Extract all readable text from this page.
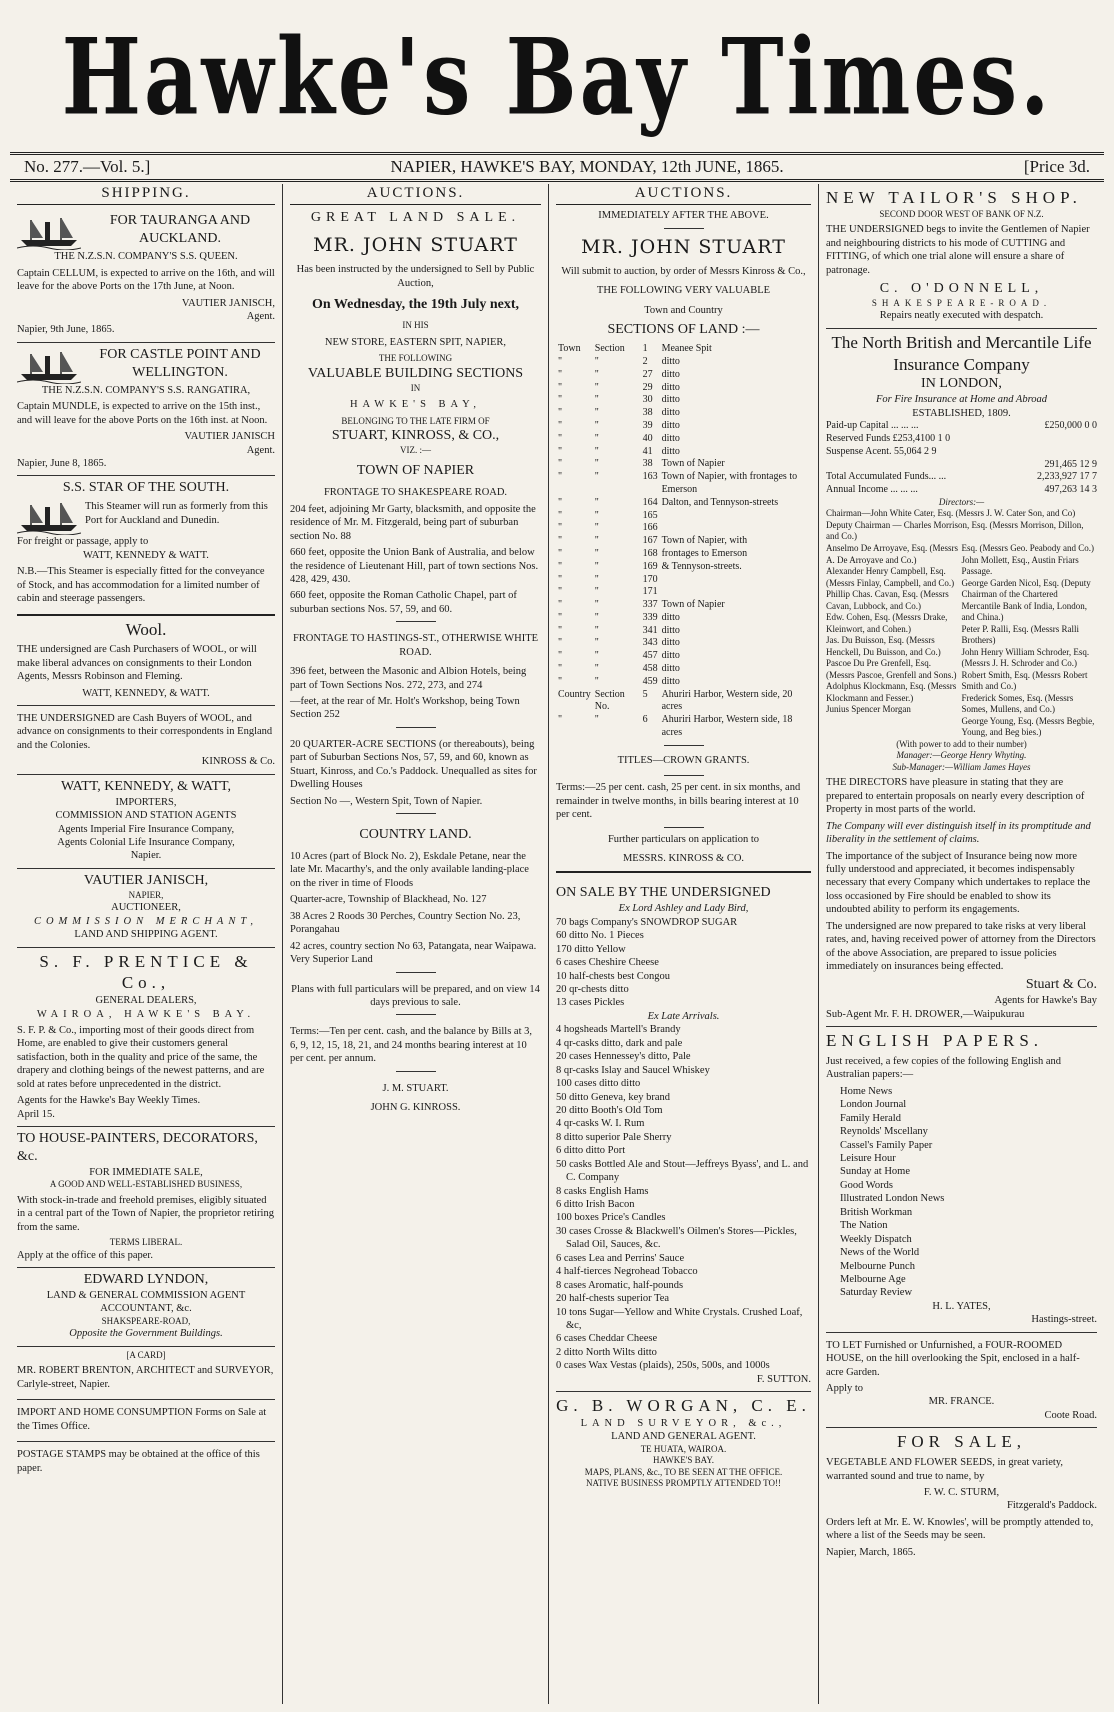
Hawke's Bay Times.
No. 277.—Vol. 5.]	NAPIER, HAWKE'S BAY, MONDAY, 12th JUNE, 1865.	[Price 3d.
SHIPPING.
FOR TAURANGA AND AUCKLAND.
THE N.Z.S.N. COMPANY'S S.S. QUEEN.

Captain CELLUM, is expected to arrive on the 16th, and will leave for the above Ports on the 17th June, at Noon.

VAUTIER JANISCH,
Agent.
Napier, 9th June, 1865.
FOR CASTLE POINT AND WELLINGTON.
THE N.Z.S.N. COMPANY'S S.S. RANGATIRA,

Captain MUNDLE, is expected to arrive on the 15th inst., and will leave for the above Ports on the 16th inst. at Noon.

VAUTIER JANISCH
Agent.
Napier, June 8, 1865.
S.S. STAR OF THE SOUTH.

This Steamer will run as formerly from this Port for Auckland and Dunedin.

For freight or passage, apply to
WATT, KENNEDY & WATT.

N.B.—This Steamer is especially fitted for the conveyance of Stock, and has accommodation for a limited number of cabin and steerage passengers.

Wool.

THE undersigned are Cash Purchasers of WOOL, or will make liberal advances on consignments to their London Agents, Messrs Robinson and Fleming.

WATT, KENNEDY, & WATT.

THE UNDERSIGNED are Cash Buyers of WOOL, and advance on consignments to their correspondents in England and the Colonies.

KINROSS & Co.
WATT, KENNEDY, & WATT,
IMPORTERS,
COMMISSION AND STATION AGENTS
Agents Imperial Fire Insurance Company,
Agents Colonial Life Insurance Company,
Napier.
VAUTIER JANISCH,
NAPIER,
AUCTIONEER,
COMMISSION MERCHANT,
LAND AND SHIPPING AGENT.
S. F. PRENTICE & Co.,
GENERAL DEALERS,
WAIROA, HAWKE'S BAY.

S. F. P. & Co., importing most of their goods direct from Home, are enabled to give their customers general satisfaction, both in the quality and price of the same, the drapery and clothing beings of the newest patterns, and are sold at rates before unprecedented in the district.

Agents for the Hawke's Bay Weekly Times.
April 15.
TO HOUSE-PAINTERS, DECORATORS, &c.
FOR IMMEDIATE SALE,
A GOOD AND WELL-ESTABLISHED BUSINESS,

With stock-in-trade and freehold premises, eligibly situated in a central part of the Town of Napier, the proprietor retiring from the same.

TERMS LIBERAL.
Apply at the office of this paper.
EDWARD LYNDON,
LAND & GENERAL COMMISSION AGENT
ACCOUNTANT, &c.
SHAKSPEARE-ROAD,
Opposite the Government Buildings.
[A CARD]

MR. ROBERT BRENTON, ARCHITECT and SURVEYOR, Carlyle-street, Napier.

IMPORT AND HOME CONSUMPTION Forms on Sale at the Times Office.

POSTAGE STAMPS may be obtained at the office of this paper.

AUCTIONS.
GREAT LAND SALE.
MR. JOHN STUART
Has been instructed by the undersigned to Sell by Public Auction,
On Wednesday, the 19th July next,
IN HIS
NEW STORE, EASTERN SPIT, NAPIER,
THE FOLLOWING
VALUABLE BUILDING SECTIONS
IN
HAWKE'S BAY,
BELONGING TO THE LATE FIRM OF
STUART, KINROSS, & CO.,
VIZ. :—
TOWN OF NAPIER
FRONTAGE TO SHAKESPEARE ROAD.

204 feet, adjoining Mr Garty, blacksmith, and opposite the residence of Mr. M. Fitzgerald, being part of suburban section No. 88

660 feet, opposite the Union Bank of Australia, and below the residence of Lieutenant Hill, part of town sections Nos. 428, 429, 430.

660 feet, opposite the Roman Catholic Chapel, part of suburban sections Nos. 57, 59, and 60.

FRONTAGE TO HASTINGS-ST., OTHERWISE WHITE ROAD.

396 feet, between the Masonic and Albion Hotels, being part of Town Sections Nos. 272, 273, and 274

—feet, at the rear of Mr. Holt's Workshop, being Town Section 252

20 QUARTER-ACRE SECTIONS (or thereabouts), being part of Suburban Sections Nos, 57, 59, and 60, known as Stuart, Kinross, and Co.'s Paddock. Unequalled as sites for Dwelling Houses

Section No —, Western Spit, Town of Napier.

COUNTRY LAND.

10 Acres (part of Block No. 2), Eskdale Petane, near the late Mr. Macarthy's, and the only available landing-place on the river in time of Floods

Quarter-acre, Township of Blackhead, No. 127

38 Acres 2 Roods 30 Perches, Country Section No. 23, Porangahau

42 acres, country section No 63, Patangata, near Waipawa. Very Superior Land

Plans with full particulars will be prepared, and on view 14 days previous to sale.

Terms:—Ten per cent. cash, and the balance by Bills at 3, 6, 9, 12, 15, 18, 21, and 24 months bearing interest at 10 per cent. per annum.

J. M. STUART.
JOHN G. KINROSS.
AUCTIONS.
IMMEDIATELY AFTER THE ABOVE.
MR. JOHN STUART
Will submit to auction, by order of Messrs Kinross & Co.,
THE FOLLOWING VERY VALUABLE
Town and Country
SECTIONS OF LAND :—
Town	Section	1	Meanee Spit
"	"	2	ditto
"	"	27	ditto
"	"	29	ditto
"	"	30	ditto
"	"	38	ditto
"	"	39	ditto
"	"	40	ditto
"	"	41	ditto
"	"	38	Town of Napier
"	"	163	Town of Napier, with frontages to Emerson
"	"	164	Dalton, and Tennyson-streets
"	"	165	
"	"	166	
"	"	167	Town of Napier, with
"	"	168	frontages to Emerson
"	"	169	& Tennyson-streets.
"	"	170	
"	"	171	
"	"	337	Town of Napier
"	"	339	ditto
"	"	341	ditto
"	"	343	ditto
"	"	457	ditto
"	"	458	ditto
"	"	459	ditto
Country	Section No.	5	Ahuriri Harbor, Western side, 20 acres
"	"	6	Ahuriri Harbor, Western side, 18 acres
TITLES—CROWN GRANTS.

Terms:—25 per cent. cash, 25 per cent. in six months, and remainder in twelve months, in bills bearing interest at 10 per cent.

Further particulars on application to
MESSRS. KINROSS & CO.
ON SALE BY THE UNDERSIGNED
Ex Lord Ashley and Lady Bird,
70 bags Company's SNOWDROP SUGAR
60 ditto No. 1 Pieces
170 ditto Yellow
6 cases Cheshire Cheese
10 half-chests best Congou
20 qr-chests ditto
13 cases Pickles
Ex Late Arrivals.
4 hogsheads Martell's Brandy
4 qr-casks ditto, dark and pale
20 cases Hennessey's ditto, Pale
8 qr-casks Islay and Saucel Whiskey
100 cases ditto ditto
50 ditto Geneva, key brand
20 ditto Booth's Old Tom
4 qr-casks W. I. Rum
8 ditto superior Pale Sherry
6 ditto ditto Port
50 casks Bottled Ale and Stout—Jeffreys Byass', and L. and C. Company
8 casks English Hams
6 ditto Irish Bacon
100 boxes Price's Candles
30 cases Crosse & Blackwell's Oilmen's Stores—Pickles, Salad Oil, Sauces, &c.
6 cases Lea and Perrins' Sauce
4 half-tierces Negrohead Tobacco
8 cases Aromatic, half-pounds
20 half-chests superior Tea
10 tons Sugar—Yellow and White Crystals. Crushed Loaf, &c,
6 cases Cheddar Cheese
2 ditto North Wilts ditto
0 cases Wax Vestas (plaids), 250s, 500s, and 1000s
F. SUTTON.
G. B. WORGAN, C. E.
LAND SURVEYOR, &c.,
LAND AND GENERAL AGENT.
TE HUATA, WAIROA.
HAWKE'S BAY.
MAPS, PLANS, &c., TO BE SEEN AT THE OFFICE.
NATIVE BUSINESS PROMPTLY ATTENDED TO!!
NEW TAILOR'S SHOP.
SECOND DOOR WEST OF BANK OF N.Z.

THE UNDERSIGNED begs to invite the Gentlemen of Napier and neighbouring districts to his mode of CUTTING and FITTING, of which one trial alone will ensure a share of patronage.

C. O'DONNELL,
SHAKESPEARE-ROAD.
Repairs neatly executed with despatch.
The North British and Mercantile Life Insurance Company
IN LONDON,
For Fire Insurance at Home and Abroad
ESTABLISHED, 1809.
Paid-up Capital ... ... ...	£250,000 0 0
Reserved Funds £253,4100 1 0	
Suspense Acent. 55,064 2 9	
	291,465 12 9
Total Accumulated Funds... ...	2,233,927 17 7
Annual Income ... ... ...	497,263 14 3
Directors:—
Chairman—John White Cater, Esq. (Messrs J. W. Cater Son, and Co)
Deputy Chairman — Charles Morrison, Esq. (Messrs Morrison, Dillon, and Co.)
Anselmo De Arroyave, Esq. (Messrs A. De Arroyave and Co.)
Alexander Henry Campbell, Esq. (Messrs Finlay, Campbell, and Co.)
Phillip Chas. Cavan, Esq. (Messrs Cavan, Lubbock, and Co.)
Edw. Cohen, Esq. (Messrs Drake, Kleinwort, and Cohen.)
Jas. Du Buisson, Esq. (Messrs Henckell, Du Buisson, and Co.)
Pascoe Du Pre Grenfell, Esq. (Messrs Pascoe, Grenfell and Sons.)
Adolphus Klockmann, Esq. (Messrs Klockmann and Fesser.)
Junius Spencer Morgan
Esq. (Messrs Geo. Peabody and Co.)
John Mollett, Esq., Austin Friars Passage.
George Garden Nicol, Esq. (Deputy Chairman of the Chartered Mercantile Bank of India, London, and China.)
Peter P. Ralli, Esq. (Messrs Ralli Brothers)
John Henry William Schroder, Esq. (Messrs J. H. Schroder and Co.)
Robert Smith, Esq. (Messrs Robert Smith and Co.)
Frederick Somes, Esq. (Messrs Somes, Mullens, and Co.)
George Young, Esq. (Messrs Begbie, Young, and Beg bies.)
(With power to add to their number)
Manager:—George Henry Whyting.
Sub-Manager:—William James Hayes

THE DIRECTORS have pleasure in stating that they are prepared to entertain proposals on nearly every description of Property in most parts of the world.

The Company will ever distinguish itself in its promptitude and liberality in the settlement of claims.

The importance of the subject of Insurance being now more fully understood and appreciated, it becomes indispensably necessary that every Company which undertakes to replace the loss occasioned by Fire should be enabled to show its undoubted ability to perform its engagements.

The undersigned are now prepared to take risks at very liberal rates, and, having received power of attorney from the Directors of the above Association, are prepared to issue policies immediately on insurances being effected.

Stuart & Co.
Agents for Hawke's Bay
Sub-Agent Mr. F. H. DROWER,—Waipukurau
ENGLISH PAPERS.

Just received, a few copies of the following English and Australian papers:—

Home News
London Journal
Family Herald
Reynolds' Mscellany
Cassel's Family Paper
Leisure Hour
Sunday at Home
Good Words
Illustrated London News
British Workman
The Nation
Weekly Dispatch
News of the World
Melbourne Punch
Melbourne Age
Saturday Review
H. L. YATES,
Hastings-street.

TO LET Furnished or Unfurnished, a FOUR-ROOMED HOUSE, on the hill overlooking the Spit, enclosed in a half-acre Garden.

Apply to
MR. FRANCE.
Coote Road.
FOR SALE,

VEGETABLE AND FLOWER SEEDS, in great variety, warranted sound and true to name, by

F. W. C. STURM,
Fitzgerald's Paddock.

Orders left at Mr. E. W. Knowles', will be promptly attended to, where a list of the Seeds may be seen.

Napier, March, 1865.
